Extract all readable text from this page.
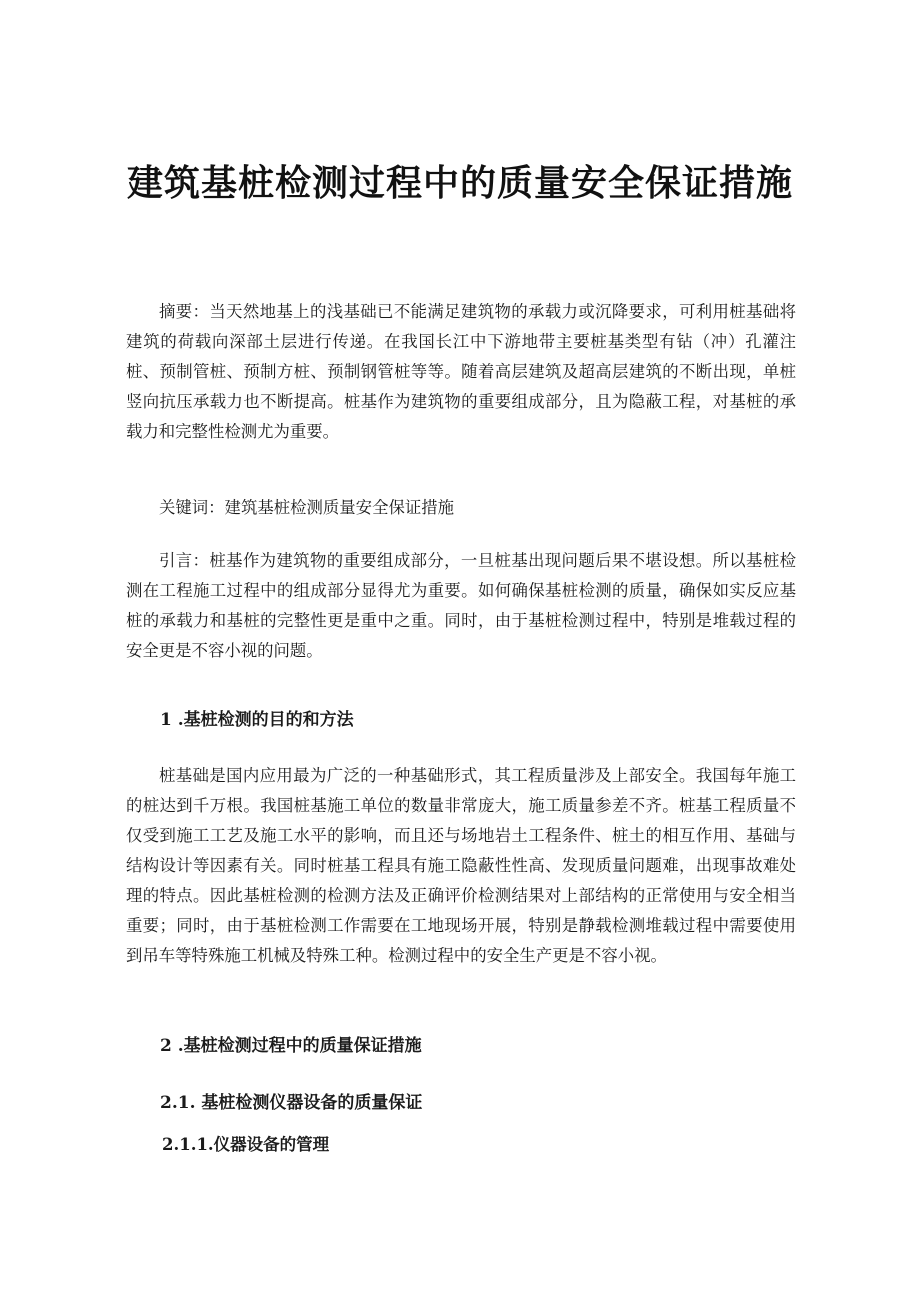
建筑基桩检测过程中的质量安全保证措施

摘要：当天然地基上的浅基础已不能满足建筑物的承载力或沉降要求，可利用桩基础将建筑的荷载向深部土层进行传递。在我国长江中下游地带主要桩基类型有钻（冲）孔灌注桩、预制管桩、预制方桩、预制钢管桩等等。随着高层建筑及超高层建筑的不断出现，单桩竖向抗压承载力也不断提高。桩基作为建筑物的重要组成部分，且为隐蔽工程，对基桩的承载力和完整性检测尤为重要。

关键词：建筑基桩检测质量安全保证措施

引言：桩基作为建筑物的重要组成部分，一旦桩基出现问题后果不堪设想。所以基桩检测在工程施工过程中的组成部分显得尤为重要。如何确保基桩检测的质量，确保如实反应基桩的承载力和基桩的完整性更是重中之重。同时，由于基桩检测过程中，特别是堆载过程的安全更是不容小视的问题。

1 .基桩检测的目的和方法

桩基础是国内应用最为广泛的一种基础形式，其工程质量涉及上部安全。我国每年施工的桩达到千万根。我国桩基施工单位的数量非常庞大，施工质量参差不齐。桩基工程质量不仅受到施工工艺及施工水平的影响，而且还与场地岩土工程条件、桩土的相互作用、基础与结构设计等因素有关。同时桩基工程具有施工隐蔽性性高、发现质量问题难，出现事故难处理的特点。因此基桩检测的检测方法及正确评价检测结果对上部结构的正常使用与安全相当重要；同时，由于基桩检测工作需要在工地现场开展，特别是静载检测堆载过程中需要使用到吊车等特殊施工机械及特殊工种。检测过程中的安全生产更是不容小视。

2 .基桩检测过程中的质量保证措施
2.1. 基桩检测仪器设备的质量保证
2.1.1.仪器设备的管理
